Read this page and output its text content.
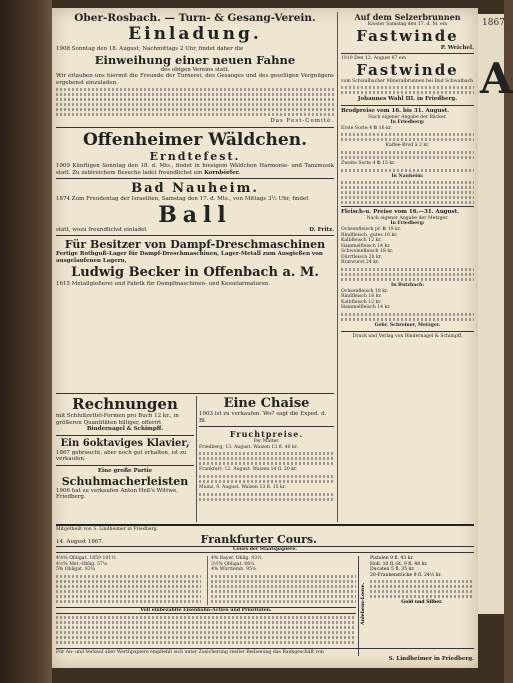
1867.
A
Ober-Rosbach. — Turn- & Gesang-Verein.
Einladung.
1908 Sonntag den 18. August, Nachmittags 2 Uhr, findet daher die
Einweihung einer neuen Fahne
des obigen Vereins statt.
Wir erlauben uns hiermit die Freunde der Turnerei, des Gesanges und des geselligen Vergnügens ergebenst einzuladen.
Das Fest-Comité.
Offenheimer Wäldchen.
Erndtefest.
1909 Künftigen Sonntag den 18. d. Mts., findet in hiesigem Wäldchen Harmonie- und Tanzmusik statt. Zu zahlreichem Besuche ladet freundlichst ein Kornbörfer.
Bad Nauheim.
1874 Zum Freudentag der Israeliten, Samstag den 17. d. Mts., von Mittags 3½ Uhr, findet
Ball
statt, wozu freundlichst einladet	D. Fritz.
Für Besitzer von Dampf-Dreschmaschinen
Fertige Rothguß-Lager für Dampf-Dreschmaschinen, Lager-Metall zum Ausgießen von ausgelaufenen Lagern,
Ludwig Becker in Offenbach a. M.
1615 Metallgießerei und Fabrik für Dampfmaschinen- und Kesselarmaturen.
Rechnungen
mit Schlußzettel-Formen pro Buch 12 kr., in größeren Quantitäten billiger, offerirt
Bindernagel & Schimpff.
Ein 6oktaviges Klavier,
1867 gebraucht, aber noch gut erhalten, ist zu verkaufen.
Eine große Partie
Schuhmacherleisten
1906 hat zu verkaufen Anton Heß's Wittwe, Friedberg.
Eine Chaise
1903 ist zu verkaufen. Wo? sagt die Exped. d. Bl.
Fruchtpreise.
Per Malter.
Friedberg, 13. August. Waizen 13 fl. 40 kr.
Frankfurt, 12. August. Waizen 14 fl. 20 kr.
Mainz, 9. August. Waizen 13 fl. 15 kr.
Auf dem Selzerbrunnen
Kloster Samstag den 17. d. M. ein
Fastwinde
P. Weichel.
1910 Den 12. August 67 ein
Fastwinde
vom Schwalbacher Mineralbrunnen bei Bad Schwalbach
Johannes Wahl III. in Friedberg.
Brodpreise vom 16. bis 31. August.
Nach eigener Angabe der Bäcker.
In Friedberg:
Erste Sorte 4 ℔ 16 kr.
Kaffee-Brod à 2 kr.
Zweite Sorte 4 ℔ 15 kr.
In Nauheim:
Fleisch-u. Preise vom 16.—31. August.
Nach eigener Angabe der Metzger.
In Friedberg:
Ochsenfleisch pr. ℔ 19 kr.
Rindfleisch, gutes 16 kr.
Kalbfleisch 12 kr.
Hammelfleisch 14 kr.
Schweinefleisch 18 kr.
Dürrfleisch 28 kr.
Bratwurst 24 kr.
In Butzbach:
Ochsenfleisch 18 kr.
Rindfleisch 16 kr.
Kalbfleisch 12 kr.
Hammelfleisch 14 kr.
Gebr. Schreiner, Metzger.
Druck und Verlag von Bindernagel & Schimpff.
Mitgetheilt von S. Lindheimer in Friedberg.
14. August 1867.	Frankfurter Cours.
Cours der Staatspapiere.
4½% Obligat. 1859 101½
4½% Met.-Oblig. 57⅛
5% Obligat. 83¼
4% Bayer. Oblig. 93½
3½% Obligat. 88¼
4% Württemb. 95⅜
Voll einbezahlte Eisenbahn-Actien und Prioritäten.	Anlehens-Loose.
Pistolen 9 fl. 43 kr.
Holl. 10 fl.-St. 9 fl. 48 kr.
Ducaten 5 fl. 35 kr.
20-Frankenstücke 9 fl. 24½ kr.
Gold und Silber.
Für An- und Verkauf aller Werthpapiere empfiehlt sich unter Zusicherung reeller Bedienung das Bankgeschäft von
S. Lindheimer in Friedberg.
